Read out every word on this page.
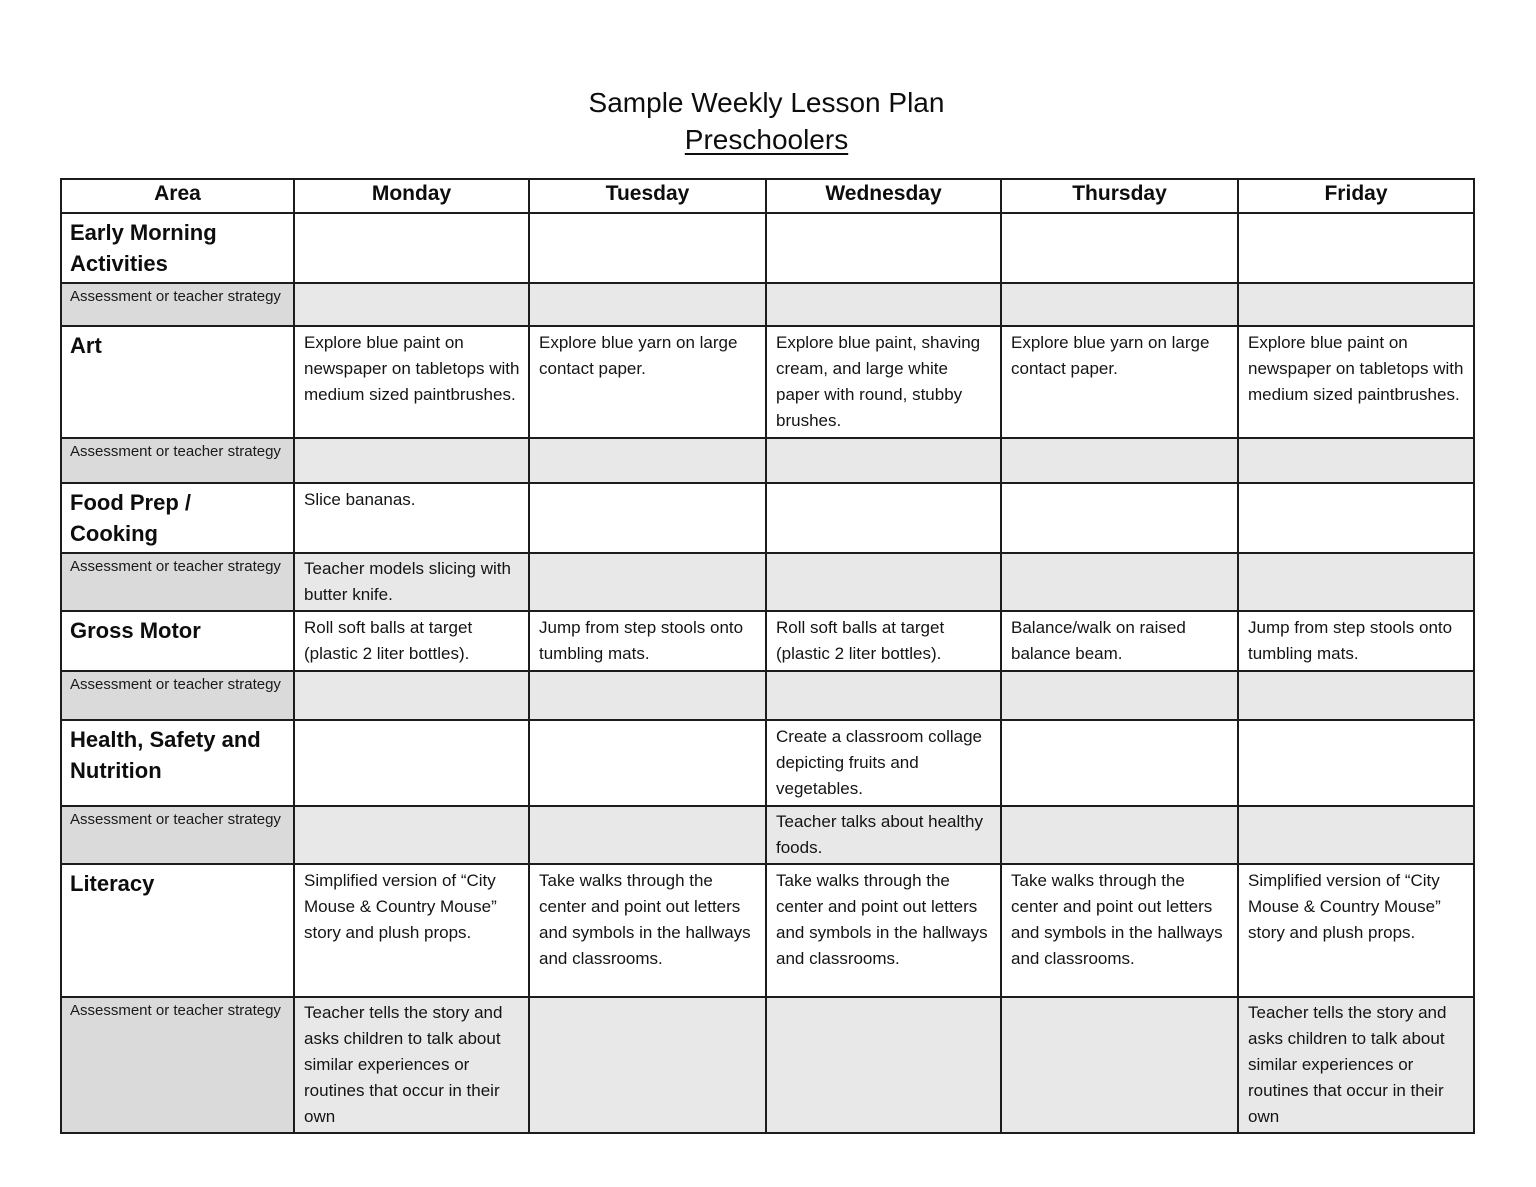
Sample Weekly Lesson Plan
Preschoolers
Area	Monday	Tuesday	Wednesday	Thursday	Friday
Early Morning Activities					
Assessment or teacher strategy					
Art	Explore blue paint on newspaper on tabletops with medium sized paintbrushes.	Explore blue yarn on large contact paper.	Explore blue paint, shaving cream, and large white paper with round, stubby brushes.	Explore blue yarn on large contact paper.	Explore blue paint on newspaper on tabletops with medium sized paintbrushes.
Assessment or teacher strategy					
Food Prep / Cooking	Slice bananas.				
Assessment or teacher strategy	Teacher models slicing with butter knife.				
Gross Motor	Roll soft balls at target (plastic 2 liter bottles).	Jump from step stools onto tumbling mats.	Roll soft balls at target (plastic 2 liter bottles).	Balance/walk on raised balance beam.	Jump from step stools onto tumbling mats.
Assessment or teacher strategy					
Health, Safety and Nutrition			Create a classroom collage depicting fruits and vegetables.		
Assessment or teacher strategy			Teacher talks about healthy foods.		
Literacy	Simplified version of “City Mouse & Country Mouse” story and plush props.	Take walks through the center and point out letters and symbols in the hallways and classrooms.	Take walks through the center and point out letters and symbols in the hallways and classrooms.	Take walks through the center and point out letters and symbols in the hallways and classrooms.	Simplified version of “City Mouse & Country Mouse” story and plush props.
Assessment or teacher strategy	Teacher tells the story and asks children to talk about similar experiences or routines that occur in their own				Teacher tells the story and asks children to talk about similar experiences or routines that occur in their own
